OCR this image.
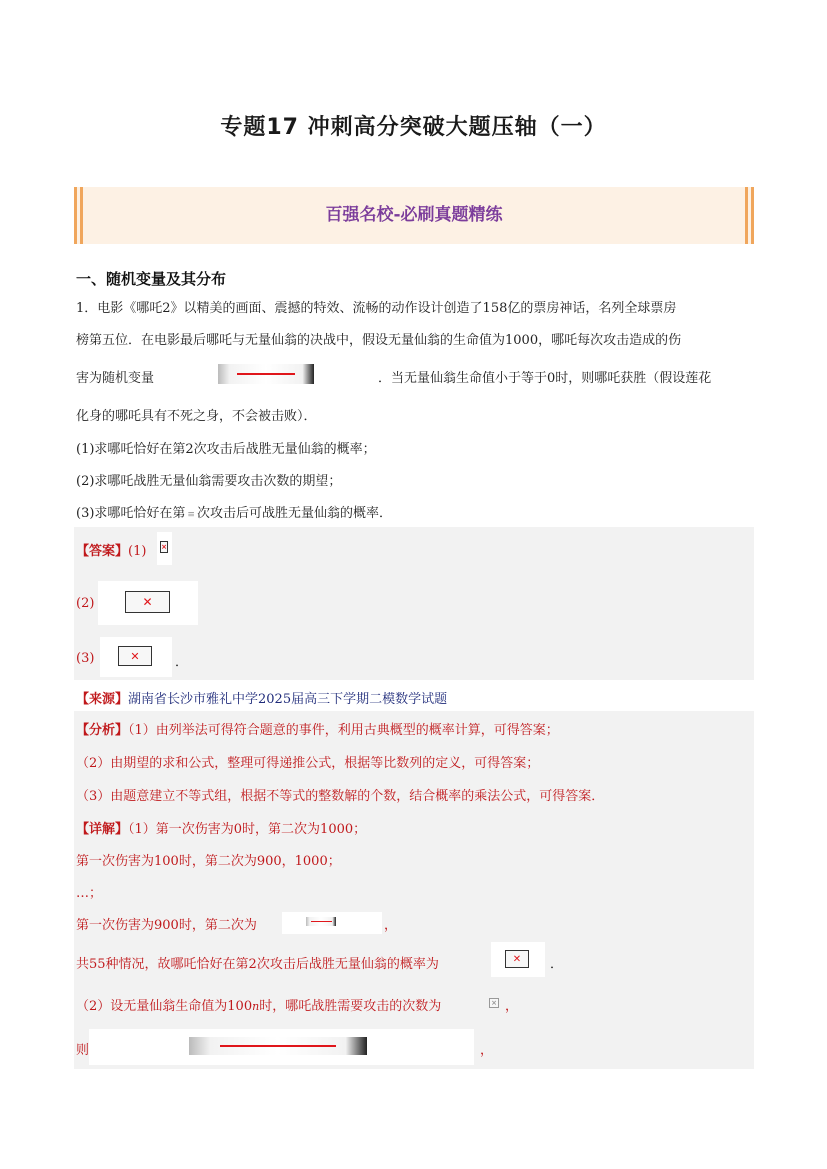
专题17 冲刺高分突破大题压轴（一）
百强名校-必刷真题精练
一、随机变量及其分布
1．电影《哪吒2》以精美的画面、震撼的特效、流畅的动作设计创造了158亿的票房神话，名列全球票房
榜第五位．在电影最后哪吒与无量仙翁的决战中，假设无量仙翁的生命值为1000，哪吒每次攻击造成的伤
害为随机变量	．当无量仙翁生命值小于等于0时，则哪吒获胜（假设莲花
化身的哪吒具有不死之身，不会被击败）．
(1)求哪吒恰好在第2次攻击后战胜无量仙翁的概率；
(2)求哪吒战胜无量仙翁需要攻击次数的期望；
(3)求哪吒恰好在第 ≡ 次攻击后可战胜无量仙翁的概率．
【答案】(1) ×
(2)	✕
(3)	✕	．
【来源】湖南省长沙市雅礼中学2025届高三下学期二模数学试题
【分析】（1）由列举法可得符合题意的事件，利用古典概型的概率计算，可得答案；
（2）由期望的求和公式，整理可得递推公式，根据等比数列的定义，可得答案；
（3）由题意建立不等式组，根据不等式的整数解的个数，结合概率的乘法公式，可得答案．
【详解】（1）第一次伤害为0时，第二次为1000；
第一次伤害为100时，第二次为900，1000；
…；
第一次伤害为900时，第二次为	，
共55种情况，故哪吒恰好在第2次攻击后战胜无量仙翁的概率为	✕	．
（2）设无量仙翁生命值为100n时，哪吒战胜需要攻击的次数为	× ，
则	，
